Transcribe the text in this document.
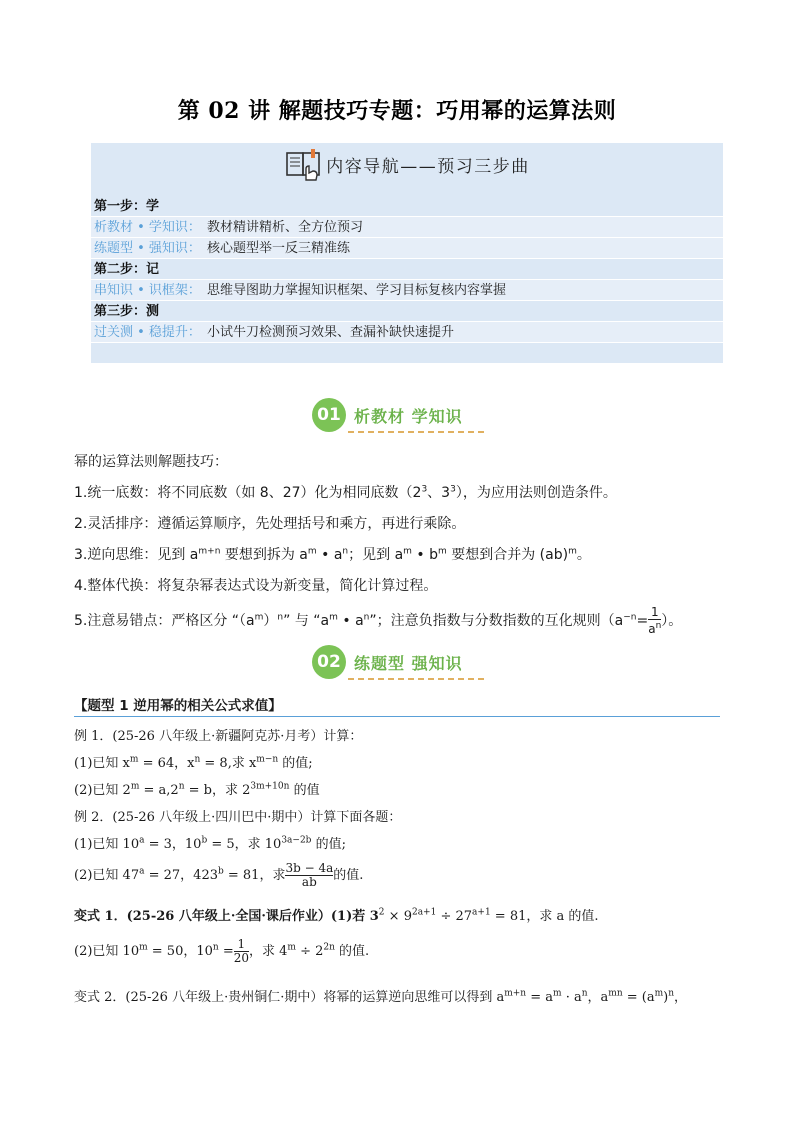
第 02 讲 解题技巧专题：巧用幂的运算法则
内容导航——预习三步曲
第一步：学
析教材 • 学知识： 教材精讲精析、全方位预习
练题型 • 强知识： 核心题型举一反三精准练
第二步：记
串知识 • 识框架： 思维导图助力掌握知识框架、学习目标复核内容掌握
第三步：测
过关测 • 稳提升： 小试牛刀检测预习效果、查漏补缺快速提升
01 析教材 学知识
幂的运算法则解题技巧：
1.统一底数：将不同底数（如 8、27）化为相同底数（$2^3$、$3^3$），为应用法则创造条件。
2.灵活排序：遵循运算顺序，先处理括号和乘方，再进行乘除。
3.逆向思维：见到 $a^{m+n}$ 要想到拆为 $a^m$ • $a^n$；见到 $a^m$ • $b^m$ 要想到合并为 (ab)$^m$。
4.整体代换：将复杂幂表达式设为新变量，简化计算过程。
5.注意易错点：严格区分 “$(a^m)^n$” 与 “$a^m$ • $a^n$”；注意负指数与分数指数的互化规则（$a^{-n}= \frac{1}{a^n}$ ）。
02 练题型 强知识
【题型 1 逆用幂的相关公式求值】
例 1．(25-26 八年级上·新疆阿克苏·月考）计算：
(1)已知 $x^m = 64$，$x^n = 8$,求 $x^{m-n}$ 的值;
(2)已知 $2^m = a,2^n = b$，求 $2^{3m+10n}$ 的值
例 2．(25-26 八年级上·四川巴中·期中）计算下面各题：
(1)已知 $10^a = 3$，$10^b = 5$，求 $10^{3a-2b}$ 的值;
(2)已知 $47^a = 27$，$423^b = 81$，求 $\frac{3b - 4a}{ab}$ 的值.
变式 1．(25-26 八年级上·全国·课后作业）(1)若 $3^2 \times 9^{2a+1} \div 27^{a+1} = 81$，求 a 的值.
(2)已知 $10^m = 50$，$10^n = \frac{1}{20}$ ，求 $4^m \div 2^{2n}$ 的值.
变式 2．(25-26 八年级上·贵州铜仁·期中）将幂的运算逆向思维可以得到 $a^{m+n} = a^m \cdot a^n$，$a^{mn} = (a^m)^n$，
